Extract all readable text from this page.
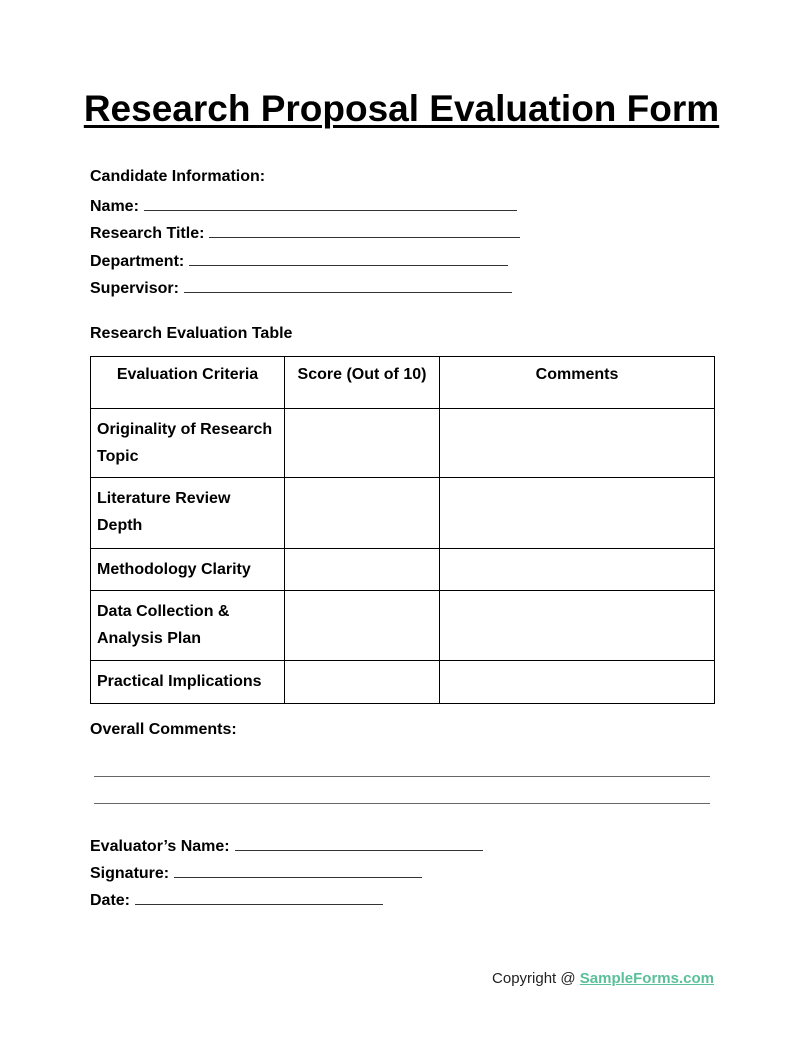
Research Proposal Evaluation Form
Candidate Information:
Name:
Research Title:
Department:
Supervisor:
Research Evaluation Table
Evaluation Criteria	Score (Out of 10)	Comments
Originality of Research Topic		
Literature Review Depth		
Methodology Clarity		
Data Collection & Analysis Plan		
Practical Implications		
Overall Comments:
Evaluator’s Name:
Signature:
Date:
Copyright @ SampleForms.com
